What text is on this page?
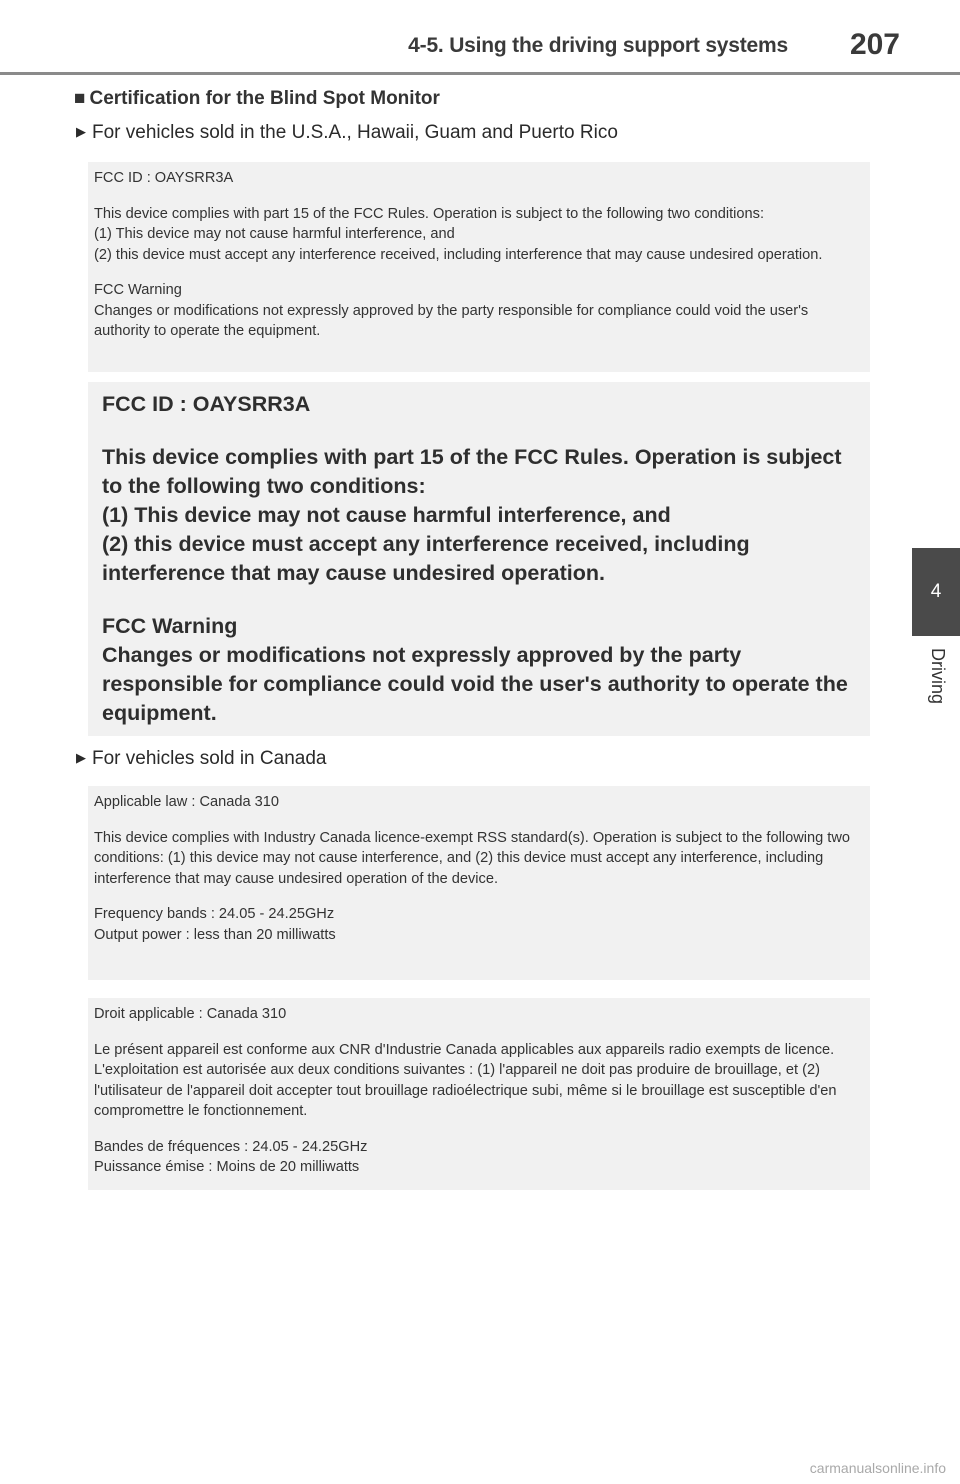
4-5. Using the driving support systems 207
4
Driving
■ Certification for the Blind Spot Monitor
▶ For vehicles sold in the U.S.A., Hawaii, Guam and Puerto Rico

FCC ID : OAYSRR3A

This device complies with part 15 of the FCC Rules. Operation is subject to the following two conditions:

(1) This device may not cause harmful interference, and

(2) this device must accept any interference received, including interference that may cause undesired operation.

FCC Warning

Changes or modifications not expressly approved by the party responsible for compliance could void the user's authority to operate the equipment.

FCC ID : OAYSRR3A

This device complies with part 15 of the FCC Rules. Operation is subject to the following two conditions:

(1) This device may not cause harmful interference, and

(2) this device must accept any interference received, including interference that may cause undesired operation.

FCC Warning

Changes or modifications not expressly approved by the party responsible for compliance could void the user's authority to operate the equipment.

▶ For vehicles sold in Canada

Applicable law : Canada 310

This device complies with Industry Canada licence-exempt RSS standard(s). Operation is subject to the following two conditions: (1) this device may not cause interference, and (2) this device must accept any interference, including interference that may cause undesired operation of the device.

Frequency bands : 24.05 - 24.25GHz

Output power : less than 20 milliwatts

Droit applicable : Canada 310

Le présent appareil est conforme aux CNR d'Industrie Canada applicables aux appareils radio exempts de licence. L'exploitation est autorisée aux deux conditions suivantes : (1) l'appareil ne doit pas produire de brouillage, et (2) l'utilisateur de l'appareil doit accepter tout brouillage radioélectrique subi, même si le brouillage est susceptible d'en compromettre le fonctionnement.

Bandes de fréquences : 24.05 - 24.25GHz

Puissance émise : Moins de 20 milliwatts

carmanualsonline.info
